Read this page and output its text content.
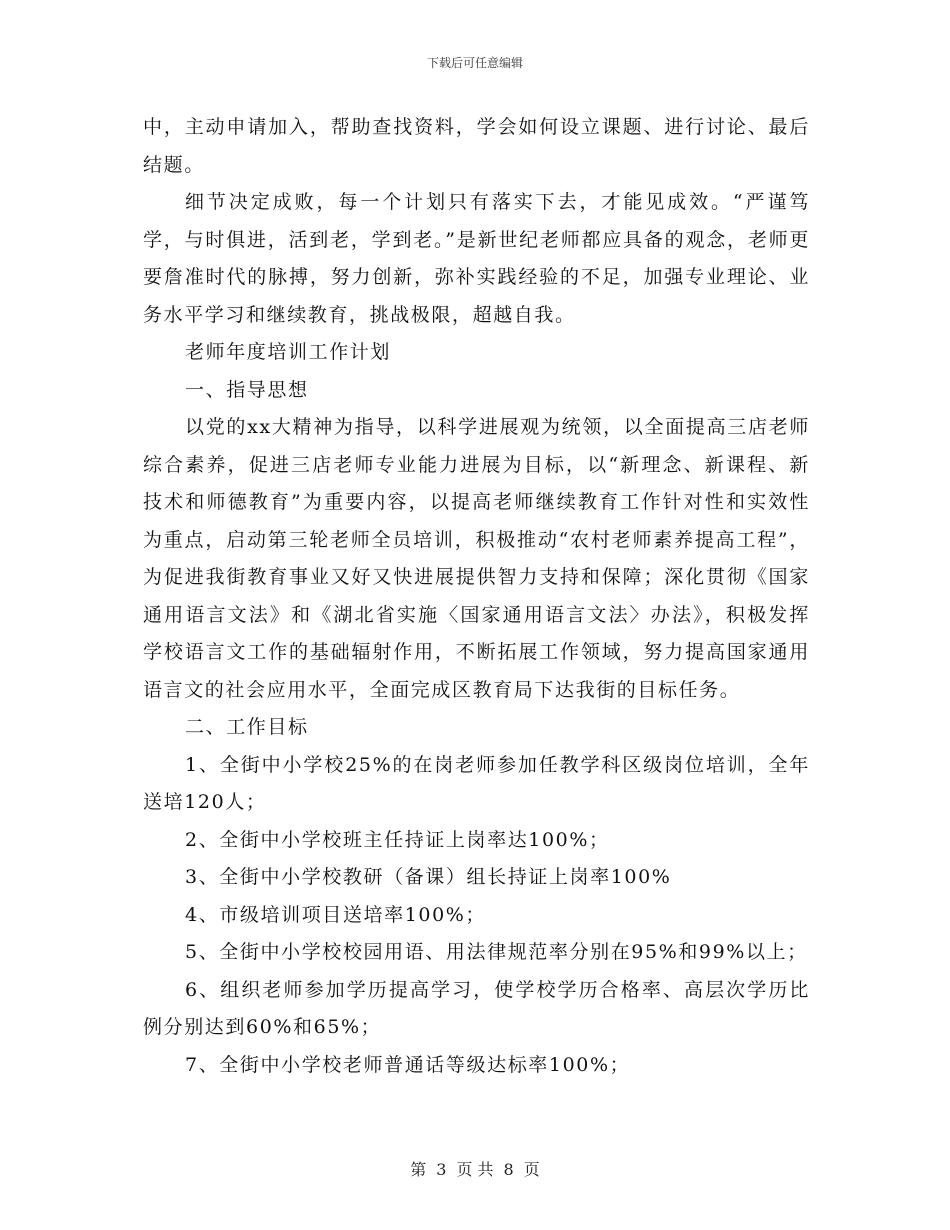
下载后可任意编辑

中，主动申请加入，帮助查找资料，学会如何设立课题、进行讨论、最后结题。

细节决定成败，每一个计划只有落实下去，才能见成效。“严谨笃学，与时俱进，活到老，学到老。”是新世纪老师都应具备的观念，老师更要詹准时代的脉搏，努力创新，弥补实践经验的不足，加强专业理论、业务水平学习和继续教育，挑战极限，超越自我。

老师年度培训工作计划

一、指导思想

以党的xx大精神为指导，以科学进展观为统领，以全面提高三店老师综合素养，促进三店老师专业能力进展为目标，以“新理念、新课程、新技术和师德教育”为重要内容，以提高老师继续教育工作针对性和实效性为重点，启动第三轮老师全员培训，积极推动“农村老师素养提高工程”，为促进我街教育事业又好又快进展提供智力支持和保障；深化贯彻《国家通用语言文法》和《湖北省实施〈国家通用语言文法〉办法》，积极发挥学校语言文工作的基础辐射作用，不断拓展工作领域，努力提高国家通用语言文的社会应用水平，全面完成区教育局下达我街的目标任务。

二、工作目标

1、全街中小学校25%的在岗老师参加任教学科区级岗位培训，全年送培120人；

2、全街中小学校班主任持证上岗率达100%；

3、全街中小学校教研（备课）组长持证上岗率100%

4、市级培训项目送培率100%；

5、全街中小学校校园用语、用法律规范率分别在95%和99%以上；

6、组织老师参加学历提高学习，使学校学历合格率、高层次学历比例分别达到60%和65%；

7、全街中小学校老师普通话等级达标率100%；

第 3 页 共 8 页
